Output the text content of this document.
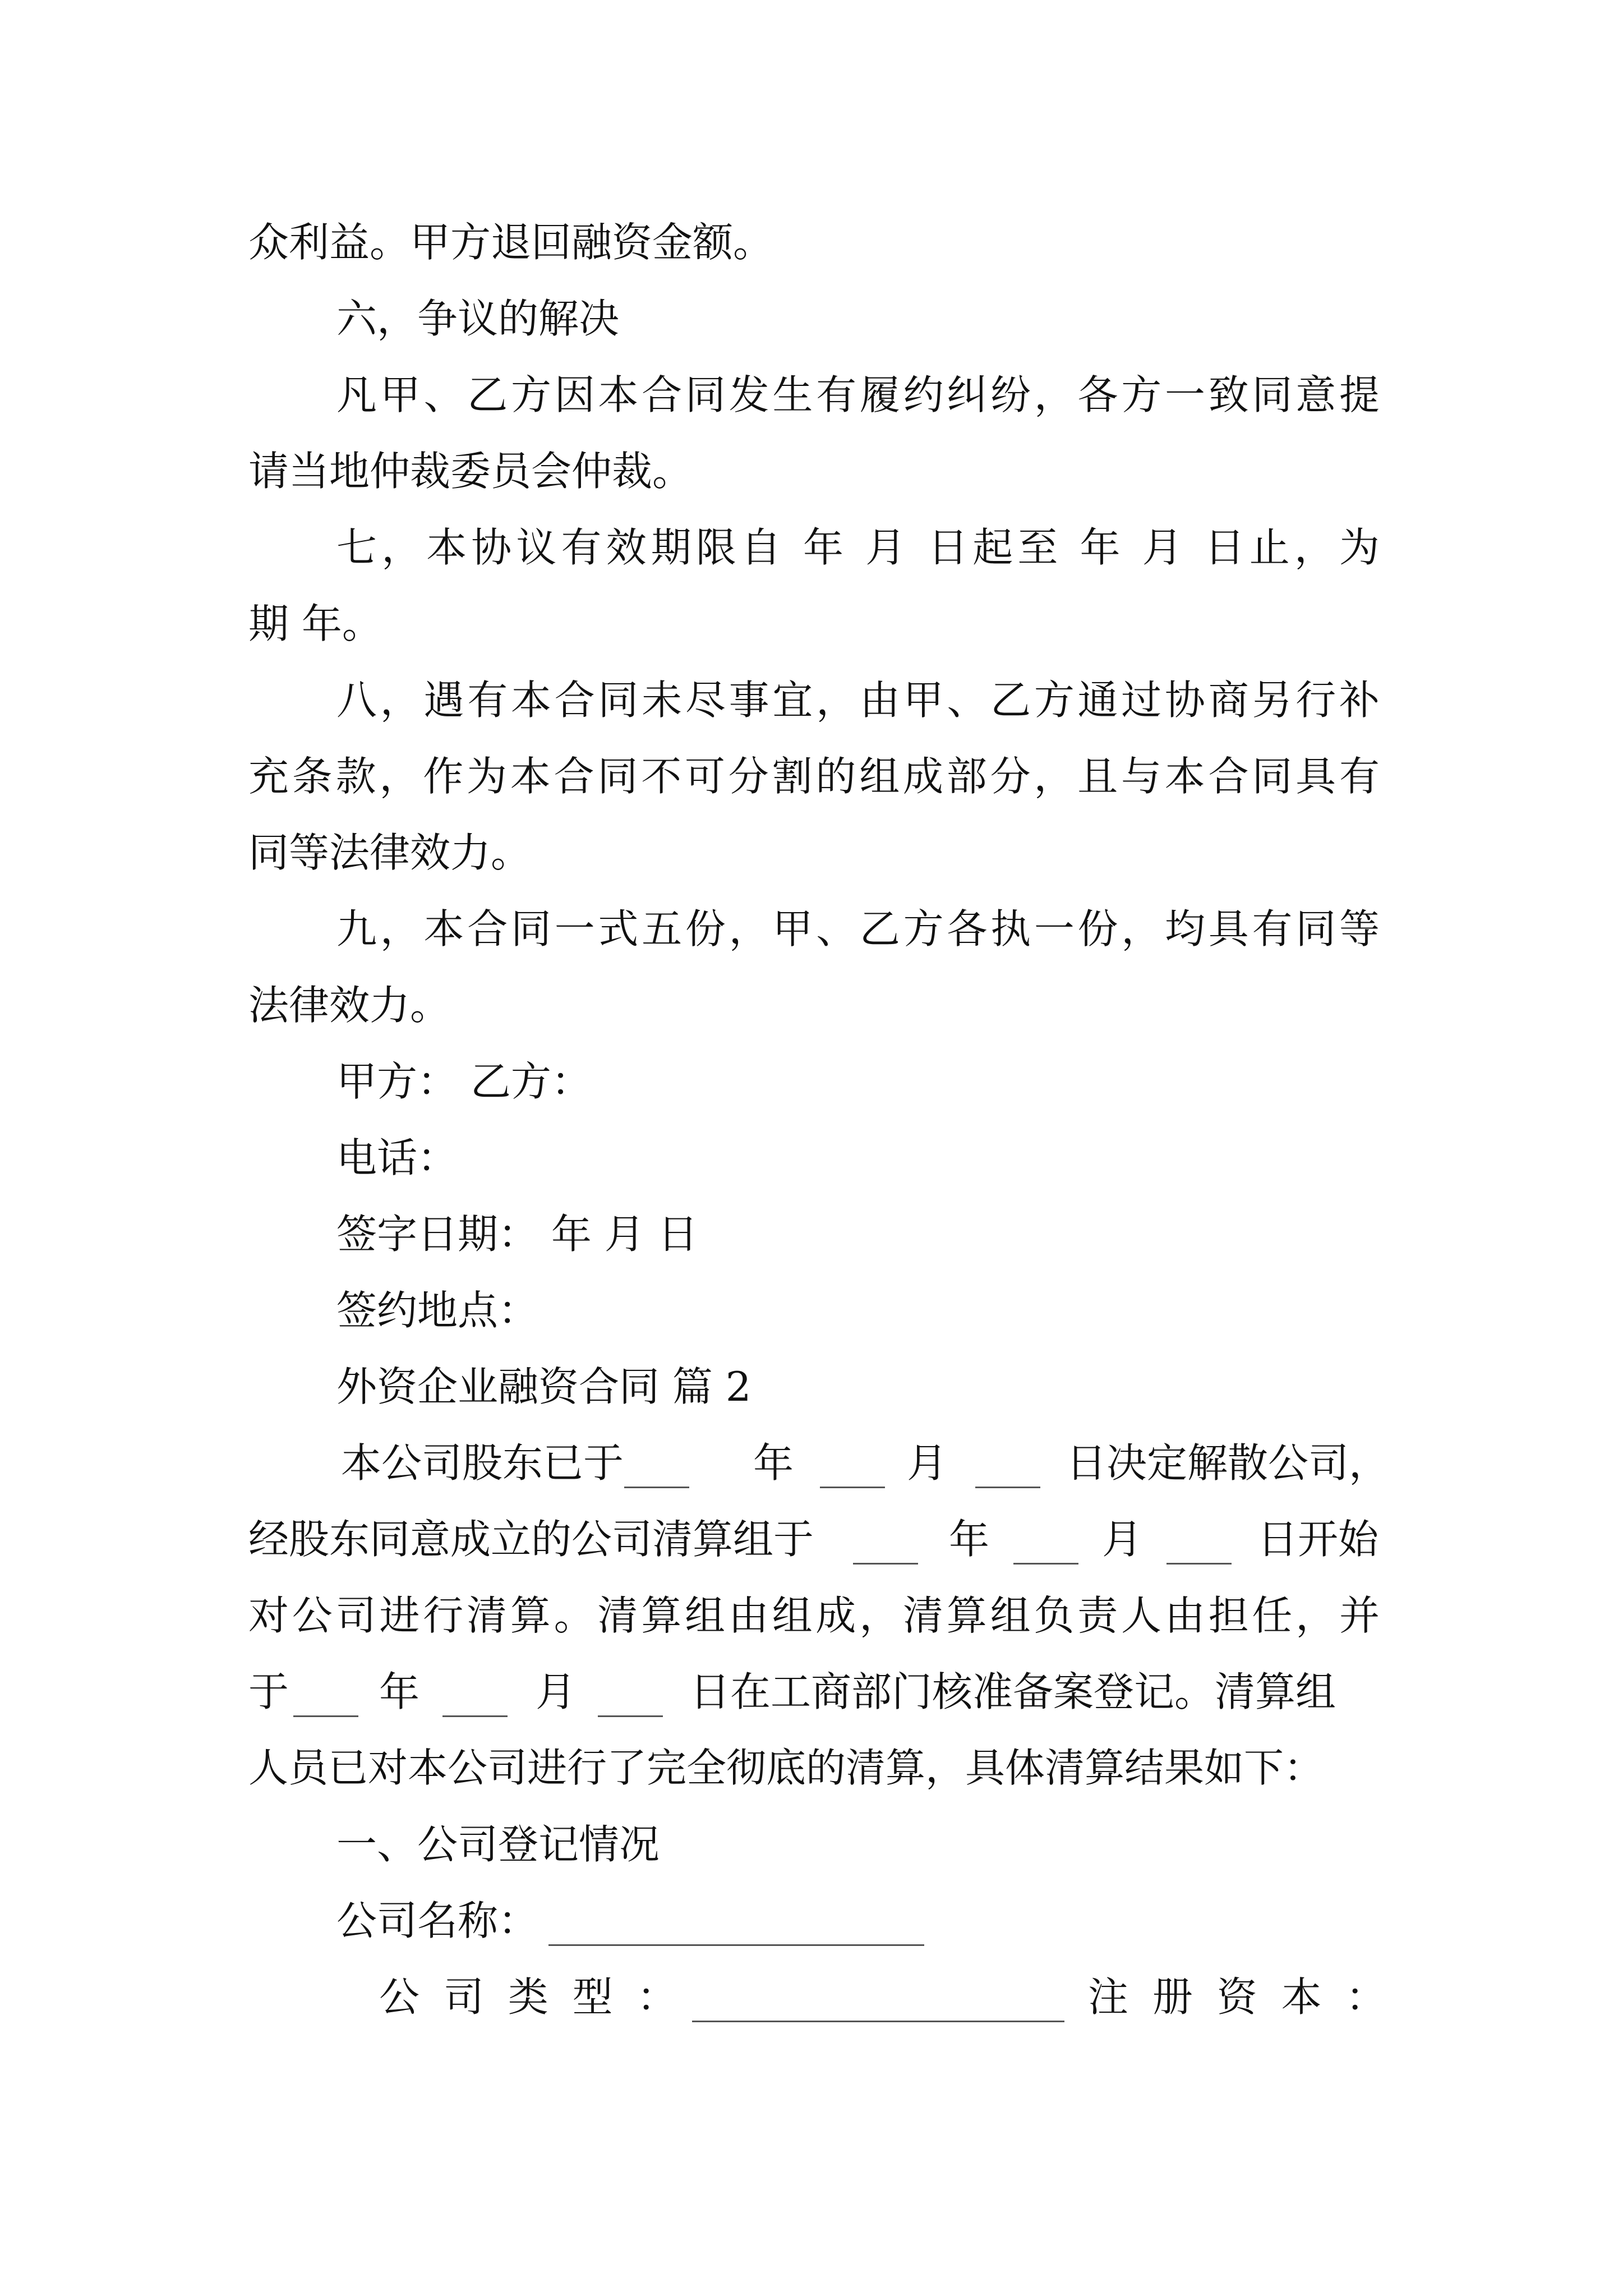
众利益。甲方退回融资金额。
六，争议的解决
凡甲、乙方因本合同发生有履约纠纷，各方一致同意提
请当地仲裁委员会仲裁。
七，本协议有效期限自 年 月 日起至 年 月 日止，为
期 年。
八，遇有本合同未尽事宜，由甲、乙方通过协商另行补
充条款，作为本合同不可分割的组成部分，且与本合同具有
同等法律效力。
九，本合同一式五份，甲、乙方各执一份，均具有同等
法律效力。
甲方： 乙方：
电话：
签字日期： 年 月 日
签约地点：
外资企业融资合同 篇 2
本公司股东已于	年	月	日决定解散公司，
经股东同意成立的公司清算组于	年	月	日开始
对公司进行清算。清算组由组成，清算组负责人由担任，并
于 年	月	日在工商部门核准备案登记。清算组
人员已对本公司进行了完全彻底的清算，具体清算结果如下：
一、公司登记情况
公司名称：
公 司 类 型 ：	注 册 资 本 ：
